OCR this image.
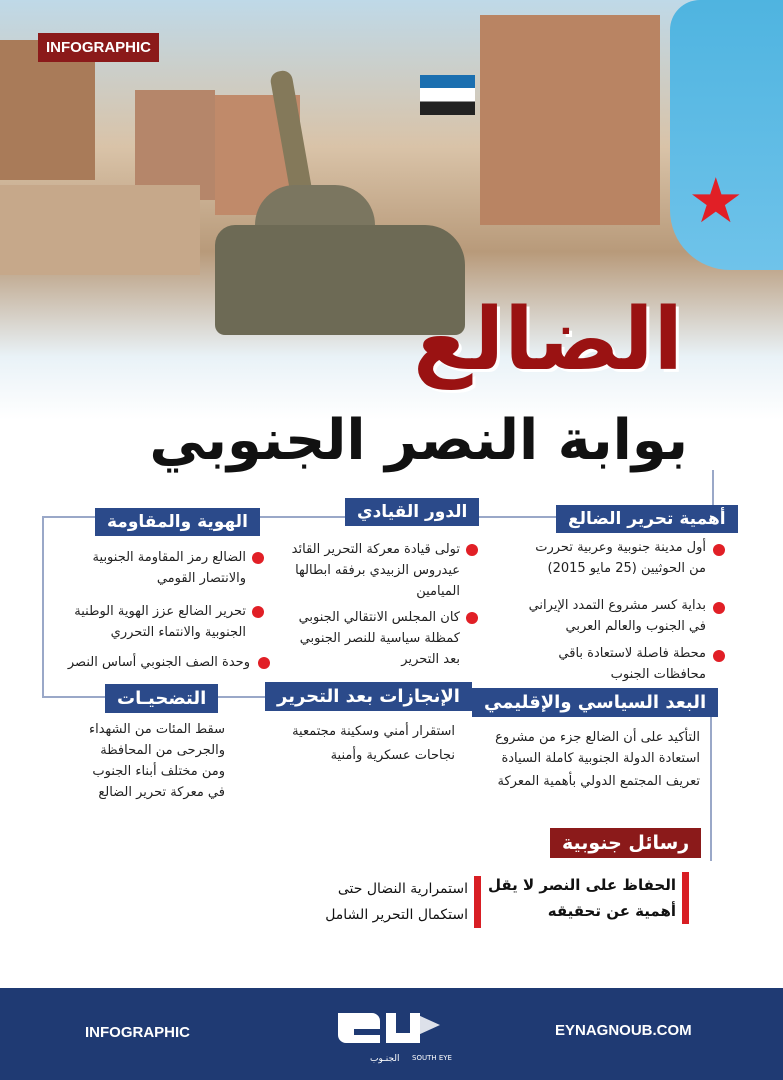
★
INFOGRAPHIC
الضالع
بوابة النصر الجنوبي
أهمية تحرير الضالع
أول مدينة جنوبية وعربية تحررت من الحوثيين (25 مايو 2015)
بداية كسر مشروع التمدد الإيراني في الجنوب والعالم العربي
محطة فاصلة لاستعادة باقي محافظات الجنوب
الدور القيادي
تولى قيادة معركة التحرير القائد عيدروس الزبيدي برفقه ابطالها الميامين
كان المجلس الانتقالي الجنوبي كمظلة سياسية للنصر الجنوبي بعد التحرير
الهوية والمقاومة
الضالع رمز المقاومة الجنوبية والانتصار القومي
تحرير الضالع عزز الهوية الوطنية الجنوبية والانتماء التحرري
وحدة الصف الجنوبي أساس النصر
البعد السياسي والإقليمي
التأكيد على أن الضالع جزء من مشروع استعادة الدولة الجنوبية كاملة السيادة
تعريف المجتمع الدولي بأهمية المعركة
الإنجازات بعد التحرير
استقرار أمني وسكينة مجتمعية
نجاحات عسكرية وأمنية
التضحيـات
سقط المئات من الشهداء والجرحى من المحافظة ومن مختلف أبناء الجنوب في معركة تحرير الضالع
رسائل جنوبية
الحفاظ على النصر لا يقل أهمية عن تحقيقه
استمرارية النضال حتى استكمال التحرير الشامل
INFOGRAPHIC	EYNAGNOUB.COM
الجنـوب SOUTH EYE
